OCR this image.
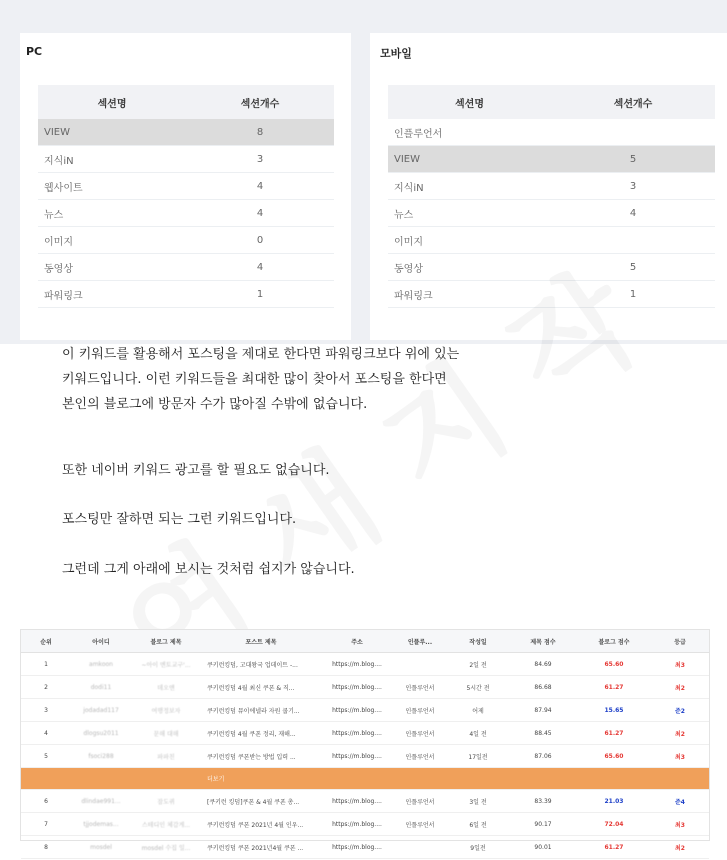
PC
섹션명	섹션개수
VIEW	8
지식iN	3
웹사이트	4
뉴스	4
이미지	0
동영상	4
파워링크	1
모바일
섹션명	섹션개수
인플루언서	
VIEW	5
지식iN	3
뉴스	4
이미지	
동영상	5
파워링크	1
이 키워드를 활용해서 포스팅을 제대로 한다면 파워링크보다 위에 있는
키워드입니다. 이런 키워드들을 최대한 많이 찾아서 포스팅을 한다면
본인의 블로그에 방문자 수가 많아질 수밖에 없습니다.
또한 네이버 키워드 광고를 할 필요도 없습니다.
포스팅만 잘하면 되는 그런 키워드입니다.
그런데 그게 아래에 보시는 것처럼 쉽지가 않습니다.
순위	아이디	블로그 제목	포스트 제목	주소	인플루...	작성일	제목 점수	블로그 점수	등급
1	amkoon	~아이 멘토교구'...	쿠키런킹덤, 고대왕국 업데이트 -...	https://m.blog....		2일 전	84.69	65.60	최3
2	dodi11	데오앤	쿠키런킹덤 4월 최신 쿠폰 & 직...	https://m.blog....	인플루언서	5시간 전	86.68	61.27	최2
3	jodadad117	여행정보자	쿠키런킹덤 뮤이에넬라 자원 쿱기...	https://m.blog....	인플루언서	어제	87.94	15.65	준2
4	dlogsu2011	문해 대해	쿠키런킹덤 4월 쿠폰 정리, 재해...	https://m.blog....	인플루언서	4일 전	88.45	61.27	최2
5	fsoci288	파파친	쿠키런킹덤 쿠폰받는 방법 입력 ...	https://m.blog....	인플루언서	17일전	87.06	65.60	최3
			더보기						
6	dlindae991...	잠도퀴	[쿠키런 킹덤]쿠폰 & 4월 쿠폰 총...	https://m.blog....	인플루언서	3일 전	83.39	21.03	준4
7	tjjodemas...	스테디인 체감게...	쿠키런킹덤 쿠폰 2021년 4월 인우...	https://m.blog....	인플루언서	6일 전	90.17	72.04	최3
8	mosdel	mosdel 수집 일...	쿠키런킹덤 쿠폰 2021년4월 쿠폰 ...	https://m.blog....		9일전	90.01	61.27	최2
